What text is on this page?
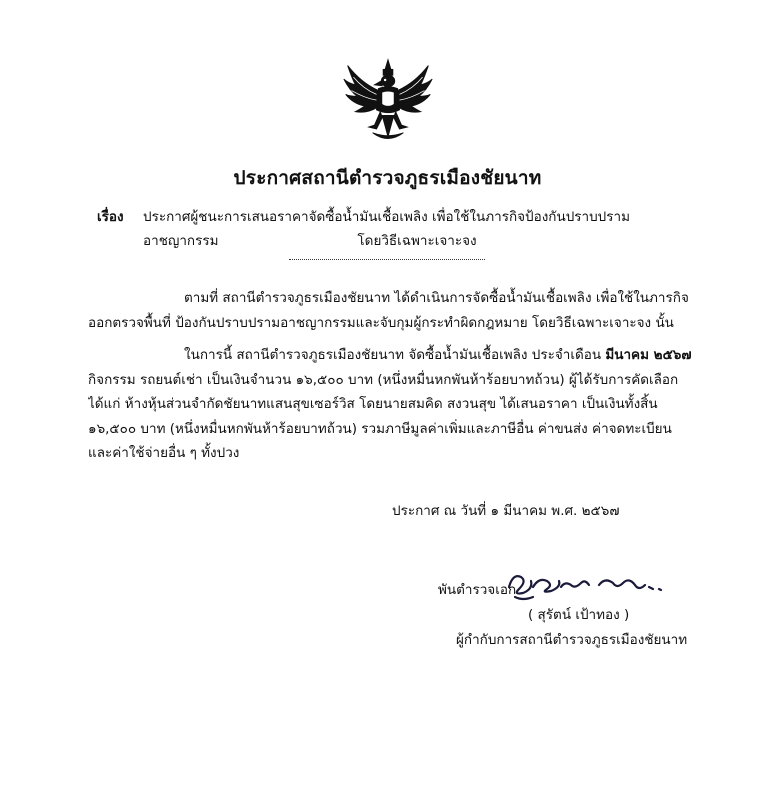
ประกาศสถานีตำรวจภูธรเมืองชัยนาท
เรื่อง ประกาศผู้ชนะการเสนอราคาจัดซื้อน้ำมันเชื้อเพลิง เพื่อใช้ในภารกิจป้องกันปราบปรามอาชญากรรม	โดยวิธีเฉพาะเจาะจง
ตามที่ สถานีตำรวจภูธรเมืองชัยนาท ได้ดำเนินการจัดซื้อน้ำมันเชื้อเพลิง เพื่อใช้ในภารกิจ
ออกตรวจพื้นที่ ป้องกันปราบปรามอาชญากรรมและจับกุมผู้กระทำผิดกฎหมาย โดยวิธีเฉพาะเจาะจง นั้น
ในการนี้ สถานีตำรวจภูธรเมืองชัยนาท จัดซื้อน้ำมันเชื้อเพลิง ประจำเดือน มีนาคม ๒๕๖๗
กิจกรรม รถยนต์เช่า เป็นเงินจำนวน ๑๖,๕๐๐ บาท (หนึ่งหมื่นหกพันห้าร้อยบาทถ้วน) ผู้ได้รับการคัดเลือก
ได้แก่ ห้างหุ้นส่วนจำกัดชัยนาทแสนสุขเซอร์วิส โดยนายสมคิด สงวนสุข ได้เสนอราคา เป็นเงินทั้งสิ้น
๑๖,๕๐๐ บาท (หนึ่งหมื่นหกพันห้าร้อยบาทถ้วน) รวมภาษีมูลค่าเพิ่มและภาษีอื่น ค่าขนส่ง ค่าจดทะเบียน
และค่าใช้จ่ายอื่น ๆ ทั้งปวง
ประกาศ ณ วันที่ ๑ มีนาคม พ.ศ. ๒๕๖๗
พันตำรวจเอก
( สุรัตน์ เป้าทอง )
ผู้กำกับการสถานีตำรวจภูธรเมืองชัยนาท
